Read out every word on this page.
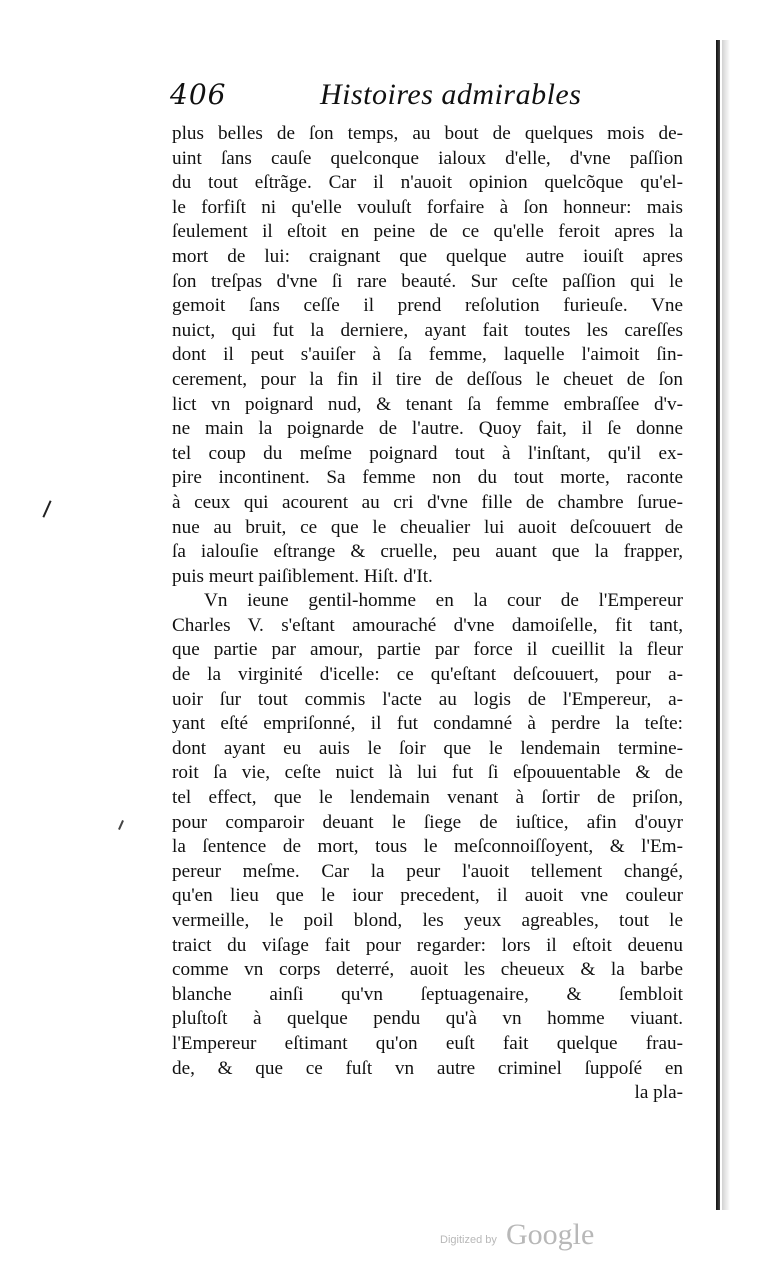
406	Histoires admirables
plus belles de ſon temps, au bout de quelques mois de-
uint ſans cauſe quelconque ialoux d'elle, d'vne paſſion
du tout eſtrãge. Car il n'auoit opinion quelcõque qu'el-
le forfiſt ni qu'elle vouluſt forfaire à ſon honneur: mais
ſeulement il eſtoit en peine de ce qu'elle feroit apres la
mort de lui: craignant que quelque autre iouiſt apres
ſon treſpas d'vne ſi rare beauté. Sur ceſte paſſion qui le
gemoit ſans ceſſe il prend reſolution furieuſe. Vne
nuict, qui fut la derniere, ayant fait toutes les careſſes
dont il peut s'auiſer à ſa femme, laquelle l'aimoit ſin-
cerement, pour la fin il tire de deſſous le cheuet de ſon
lict vn poignard nud, & tenant ſa femme embraſſee d'v-
ne main la poignarde de l'autre. Quoy fait, il ſe donne
tel coup du meſme poignard tout à l'inſtant, qu'il ex-
pire incontinent. Sa femme non du tout morte, raconte
à ceux qui acourent au cri d'vne fille de chambre ſurue-
nue au bruit, ce que le cheualier lui auoit deſcouuert de
ſa ialouſie eſtrange & cruelle, peu auant que la frapper,
puis meurt paiſiblement. Hiſt. d'It.
Vn ieune gentil-homme en la cour de l'Empereur
Charles V. s'eſtant amouraché d'vne damoiſelle, fit tant,
que partie par amour, partie par force il cueillit la fleur
de la virginité d'icelle: ce qu'eſtant deſcouuert, pour a-
uoir ſur tout commis l'acte au logis de l'Empereur, a-
yant eſté empriſonné, il fut condamné à perdre la teſte:
dont ayant eu auis le ſoir que le lendemain termine-
roit ſa vie, ceſte nuict là lui fut ſi eſpouuentable & de
tel effect, que le lendemain venant à ſortir de priſon,
pour comparoir deuant le ſiege de iuſtice, afin d'ouyr
la ſentence de mort, tous le meſconnoiſſoyent, & l'Em-
pereur meſme. Car la peur l'auoit tellement changé,
qu'en lieu que le iour precedent, il auoit vne couleur
vermeille, le poil blond, les yeux agreables, tout le
traict du viſage fait pour regarder: lors il eſtoit deuenu
comme vn corps deterré, auoit les cheueux & la barbe
blanche ainſi qu'vn ſeptuagenaire, & ſembloit
pluſtoſt à quelque pendu qu'à vn homme viuant.
l'Empereur eſtimant qu'on euſt fait quelque frau-
de, & que ce fuſt vn autre criminel ſuppoſé en
la pla-
Digitized by Google
